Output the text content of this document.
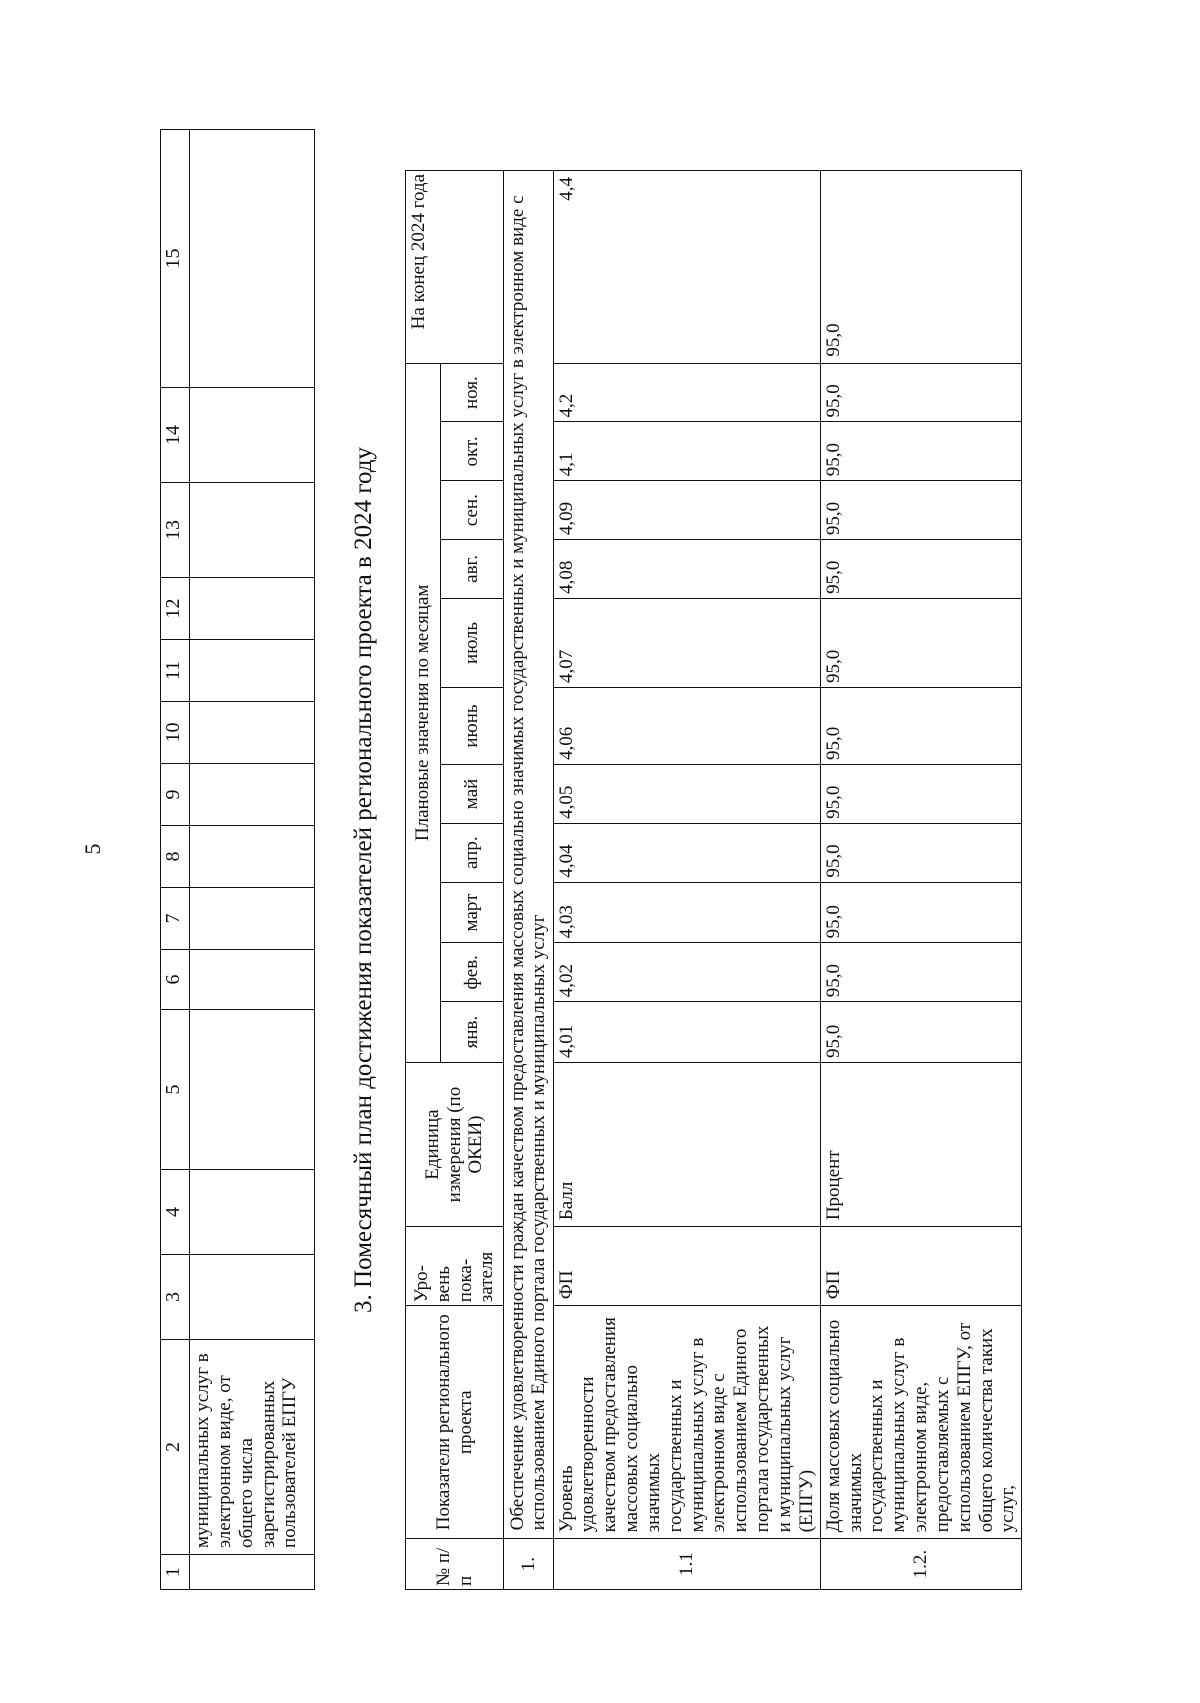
5
1	2	3	4	5	6	7	8	9	10	11	12	13	14	15
	муниципальных услуг в электронном виде, от общего числа зарегистрированных пользователей ЕПГУ													
3. Помесячный план достижения показателей регионального проекта в 2024 году
№ п/п	Показатели регионального проекта	Уро-вень пока-зателя	Единица измерения (по ОКЕИ)	Плановые значения по месяцам											На конец 2024 года
				янв.	фев.	март	апр.	май	июнь	июль	авг.	сен.	окт.	ноя.	
1.	Обеспечение удовлетворенности граждан качеством предоставления массовых социально значимых государственных и муниципальных услуг в электронном виде с использованием Единого портала государственных и муниципальных услуг														
1.1	Уровень удовлетворенности качеством предоставления массовых социально значимых государственных и муниципальных услуг в электронном виде с использованием Единого портала государственных и муниципальных услуг (ЕПГУ)	ФП	Балл	4,01	4,02	4,03	4,04	4,05	4,06	4,07	4,08	4,09	4,1	4,2	4,4
1.2.	Доля массовых социально значимых государственных и муниципальных услуг в электронном виде, предоставляемых с использованием ЕПГУ, от общего количества таких услуг,	ФП	Процент	95,0	95,0	95,0	95,0	95,0	95,0	95,0	95,0	95,0	95,0	95,0	95,0
